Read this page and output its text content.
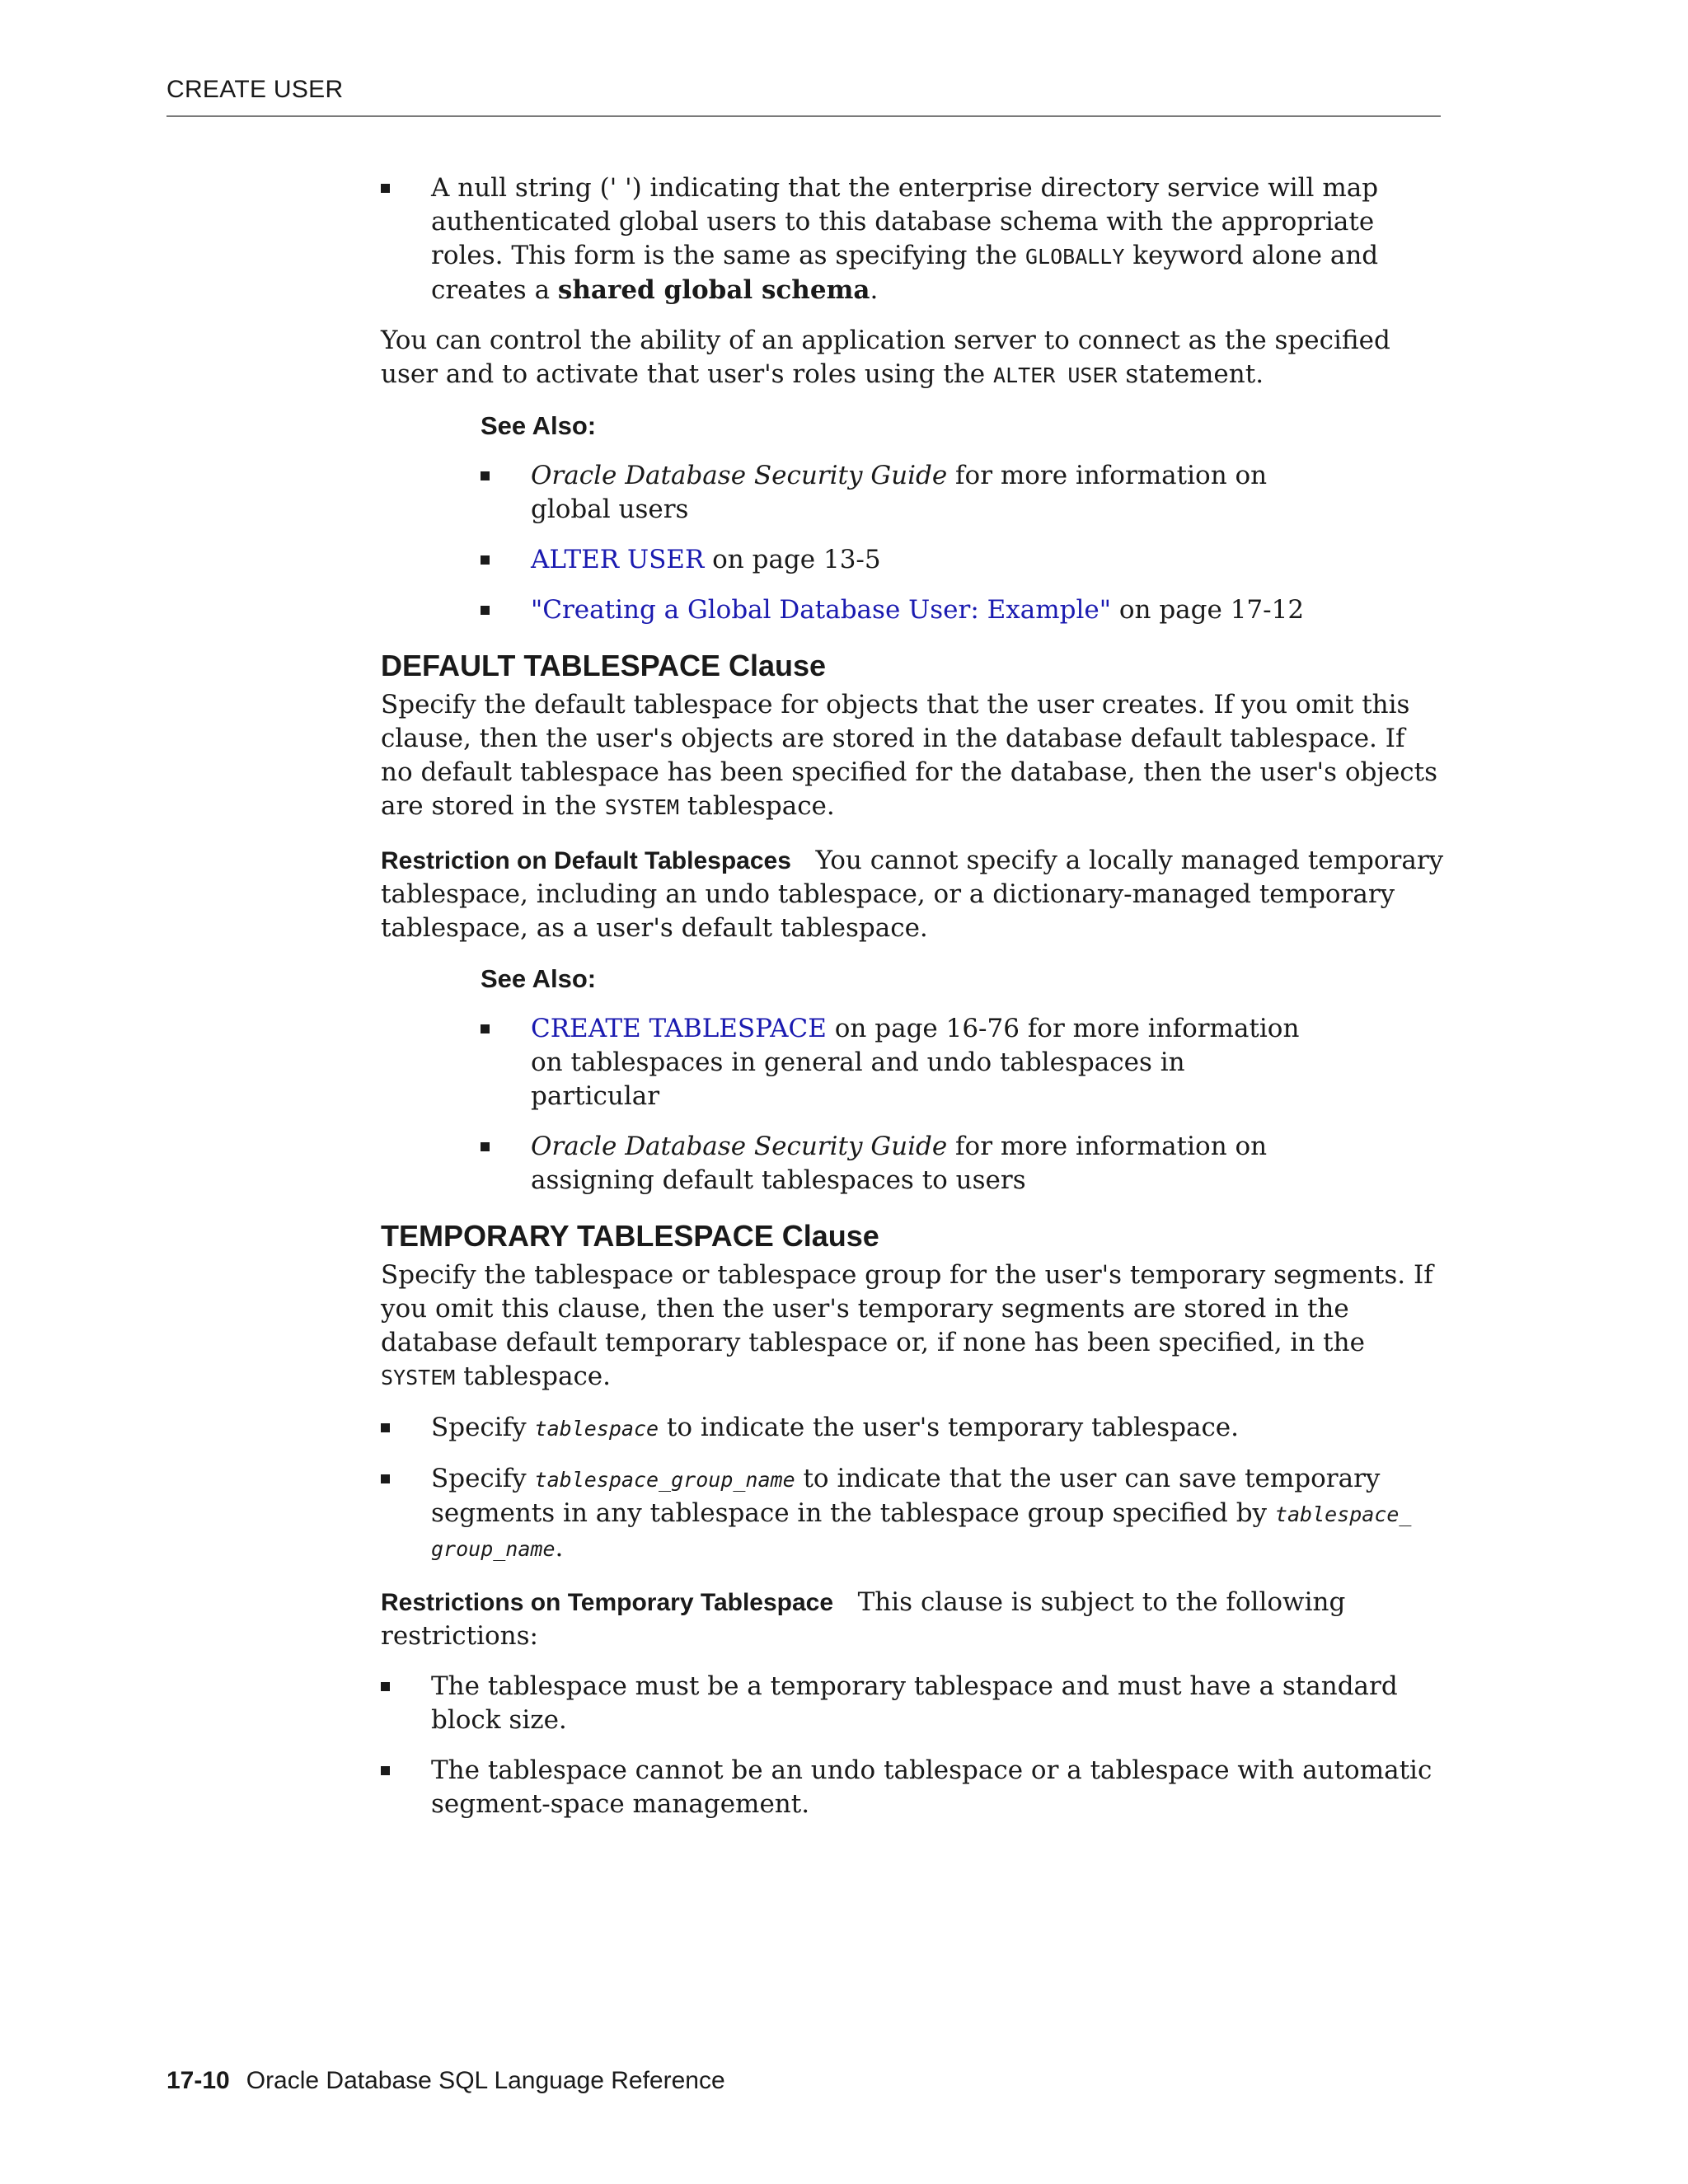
CREATE USER
A null string (' ') indicating that the enterprise directory service will map authenticated global users to this database schema with the appropriate roles. This form is the same as specifying the GLOBALLY keyword alone and creates a shared global schema.

You can control the ability of an application server to connect as the specified user and to activate that user's roles using the ALTER USER statement.

See Also:
Oracle Database Security Guide for more information on global users
ALTER USER on page 13-5
"Creating a Global Database User: Example" on page 17-12
DEFAULT TABLESPACE Clause

Specify the default tablespace for objects that the user creates. If you omit this clause, then the user's objects are stored in the database default tablespace. If no default tablespace has been specified for the database, then the user's objects are stored in the SYSTEM tablespace.

Restriction on Default Tablespaces You cannot specify a locally managed temporary tablespace, including an undo tablespace, or a dictionary-managed temporary tablespace, as a user's default tablespace.

See Also:
CREATE TABLESPACE on page 16-76 for more information on tablespaces in general and undo tablespaces in particular
Oracle Database Security Guide for more information on assigning default tablespaces to users
TEMPORARY TABLESPACE Clause

Specify the tablespace or tablespace group for the user's temporary segments. If you omit this clause, then the user's temporary segments are stored in the database default temporary tablespace or, if none has been specified, in the SYSTEM tablespace.

Specify tablespace to indicate the user's temporary tablespace.
Specify tablespace_group_name to indicate that the user can save temporary segments in any tablespace in the tablespace group specified by tablespace_ group_name.

Restrictions on Temporary Tablespace This clause is subject to the following restrictions:

The tablespace must be a temporary tablespace and must have a standard block size.
The tablespace cannot be an undo tablespace or a tablespace with automatic segment-space management.
17-10 Oracle Database SQL Language Reference
